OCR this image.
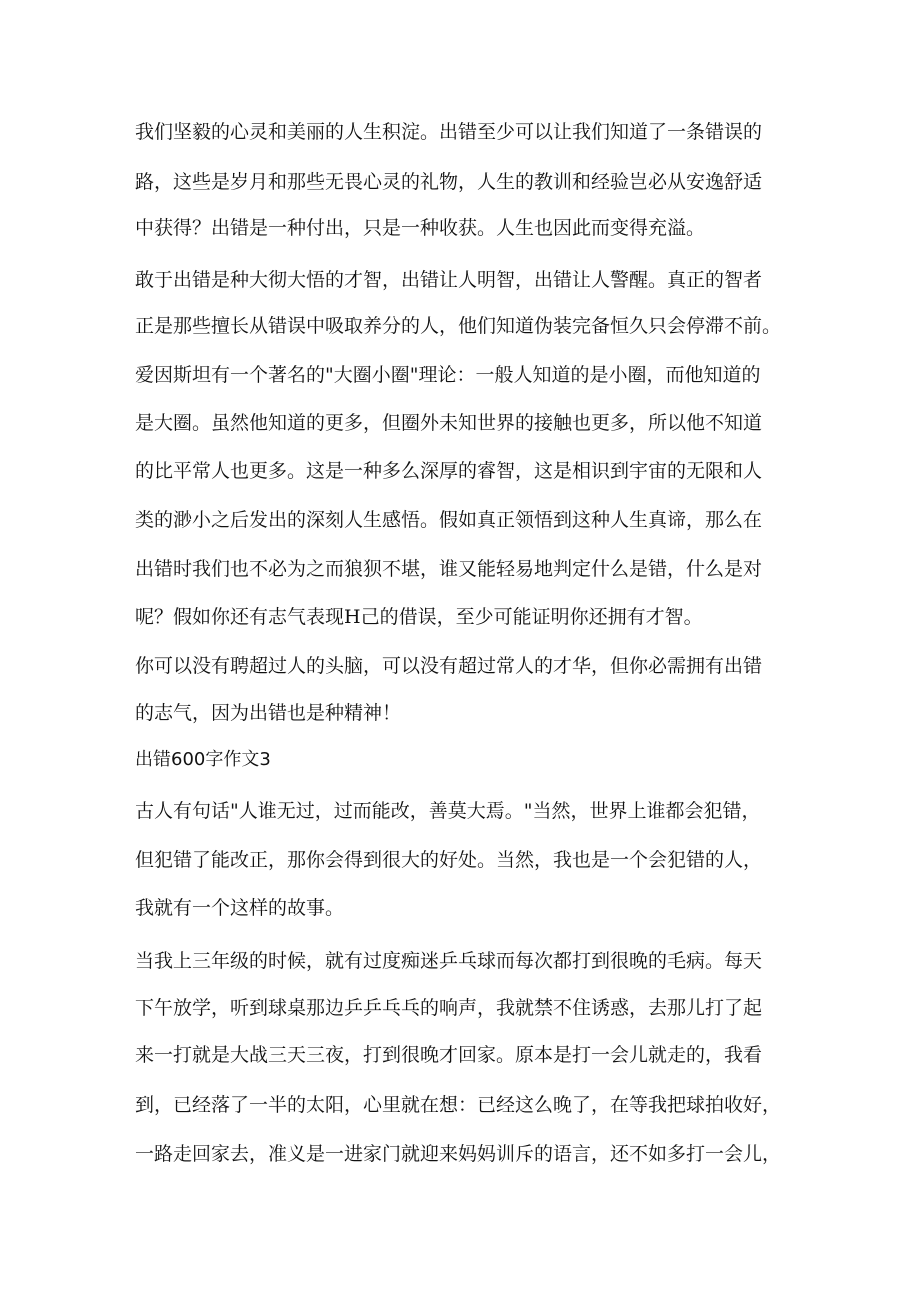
我们坚毅的心灵和美丽的人生积淀。出错至少可以让我们知道了一条错误的
路，这些是岁月和那些无畏心灵的礼物，人生的教训和经验岂必从安逸舒适
中获得？出错是一种付出，只是一种收获。人生也因此而变得充溢。
敢于出错是种大彻大悟的才智，出错让人明智，出错让人警醒。真正的智者
正是那些擅长从错误中吸取养分的人，他们知道伪装完备恒久只会停滞不前。
爱因斯坦有一个著名的"大圈小圈"理论：一般人知道的是小圈，而他知道的
是大圈。虽然他知道的更多，但圈外未知世界的接触也更多，所以他不知道
的比平常人也更多。这是一种多么深厚的睿智，这是相识到宇宙的无限和人
类的渺小之后发出的深刻人生感悟。假如真正领悟到这种人生真谛，那么在
出错时我们也不必为之而狼狈不堪，谁又能轻易地判定什么是错，什么是对
呢？假如你还有志气表现H己的借误，至少可能证明你还拥有才智。
你可以没有聘超过人的头脑，可以没有超过常人的才华，但你必需拥有出错
的志气，因为出错也是种精神！
出错600字作文3
古人有句话"人谁无过，过而能改，善莫大焉。"当然，世界上谁都会犯错，
但犯错了能改正，那你会得到很大的好处。当然，我也是一个会犯错的人，
我就有一个这样的故事。
当我上三年级的时候，就有过度痴迷乒乓球而每次都打到很晚的毛病。每天
下午放学，听到球桌那边乒乒乓乓的响声，我就禁不住诱惑，去那儿打了起
来一打就是大战三天三夜，打到很晚才回家。原本是打一会儿就走的，我看
到，已经落了一半的太阳，心里就在想：已经这么晚了，在等我把球拍收好，
一路走回家去，准义是一进家门就迎来妈妈训斥的语言，还不如多打一会儿，
